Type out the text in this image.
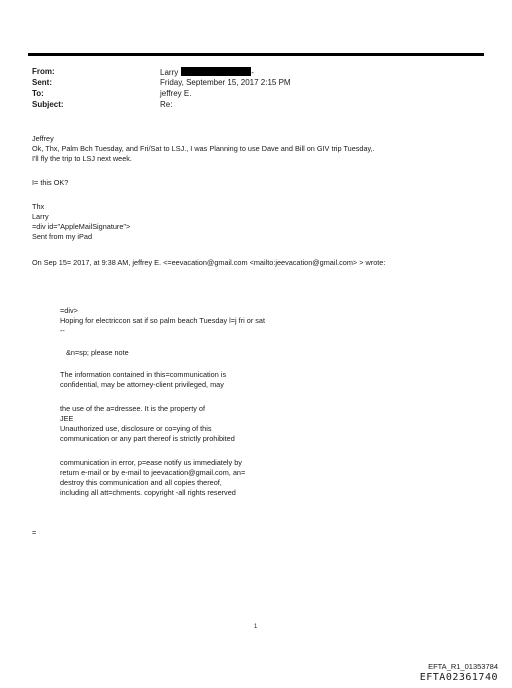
From:	Larry	-
Sent:	Friday, September 15, 2017 2:15 PM
To:	jeffrey E.
Subject:	Re:
Jeffrey
Ok, Thx, Palm Bch Tuesday, and Fri/Sat to LSJ., I was Planning to use Dave and Bill on GIV trip Tuesday,.
I'll fly the trip to LSJ next week.
I= this OK?
Thx
Larry
=div id="AppleMailSignature">
Sent from my iPad
On Sep 15= 2017, at 9:38 AM, jeffrey E. <=eevacation@gmail.com <mailto:jeevacation@gmail.com> > wrote:
=div>
Hoping for electriccon sat if so palm beach Tuesday l=j fri or sat
--
&n=sp; please note
The information contained in this=communication is
confidential, may be attorney-client privileged, may
the use of the a=dressee. It is the property of
JEE
Unauthorized use, disclosure or co=ying of this
communication or any part thereof is strictly prohibited
communication in error, p=ease notify us immediately by
return e-mail or by e-mail to jeevacation@gmail.com, an=
destroy this communication and all copies thereof,
including all att=chments. copyright -all rights reserved
=
1
EFTA_R1_01353784
EFTA02361740
